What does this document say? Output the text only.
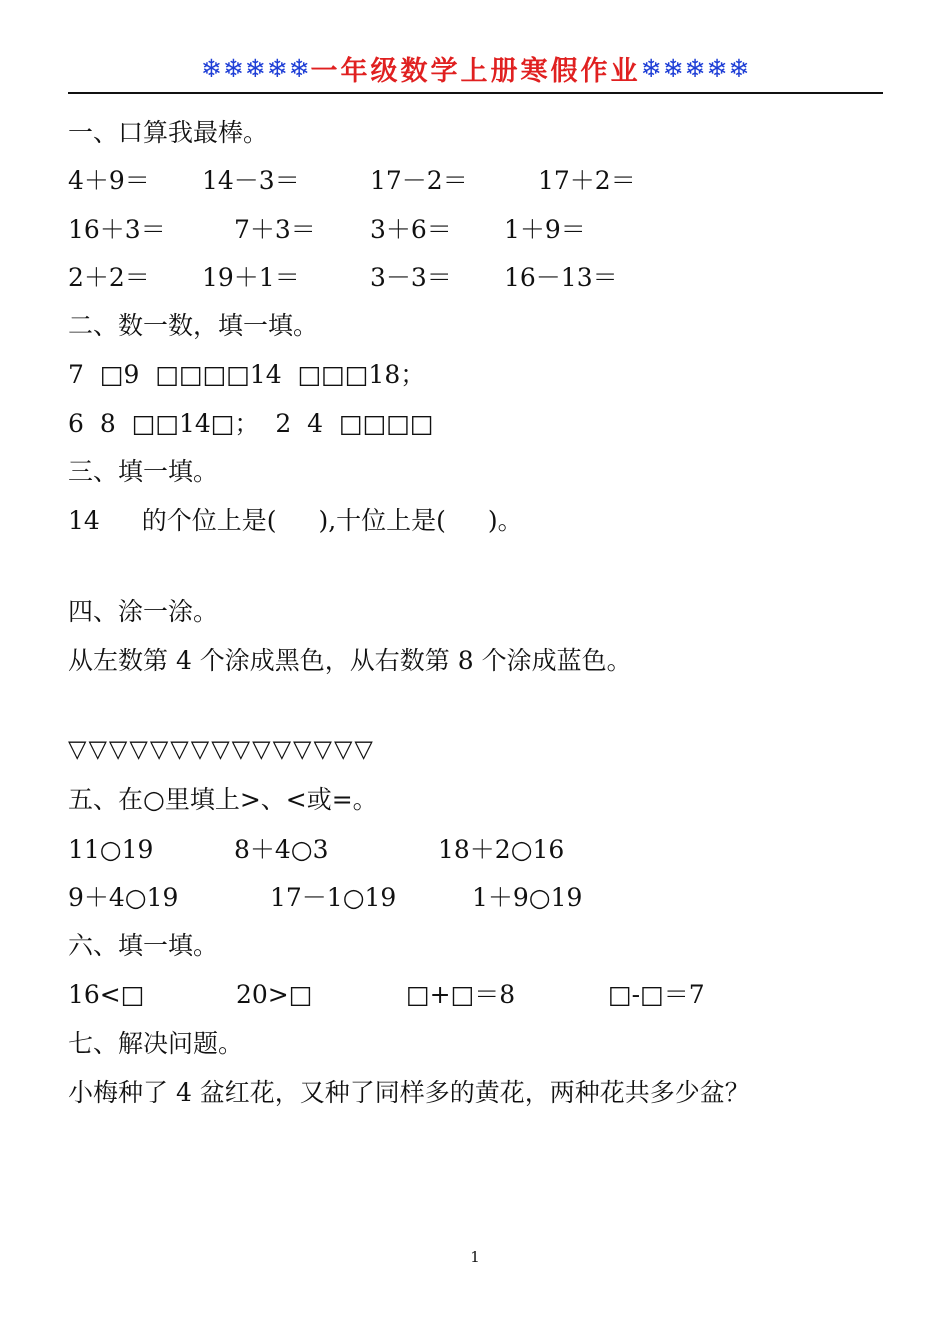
❄❄❄❄❄ 一年级数学上册寒假作业 ❄❄❄❄❄
一、口算我最棒。
4＋9＝ 14－3＝	17－2＝	17＋2＝
16＋3＝	7＋3＝ 3＋6＝ 1＋9＝
2＋2＝ 19＋1＝	3－3＝ 16－13＝
二、数一数，填一填。
7 □9 □□□□14 □□□18；
6 8 □□14□； 2 4 □□□□
三、填一填。
14 的个位上是( ),十位上是( )。
四、涂一涂。
从左数第 4 个涂成黑色，从右数第 8 个涂成蓝色。
▽▽▽▽▽▽▽▽▽▽▽▽▽▽▽
五、在○里填上>、<或=。
11○19	8＋4○3	18＋2○16
9＋4○19	17－1○19	1＋9○19
六、填一填。
16<□	20>□	□+□＝8	□-□＝7
七、解决问题。
小梅种了 4 盆红花，又种了同样多的黄花，两种花共多少盆？
1
